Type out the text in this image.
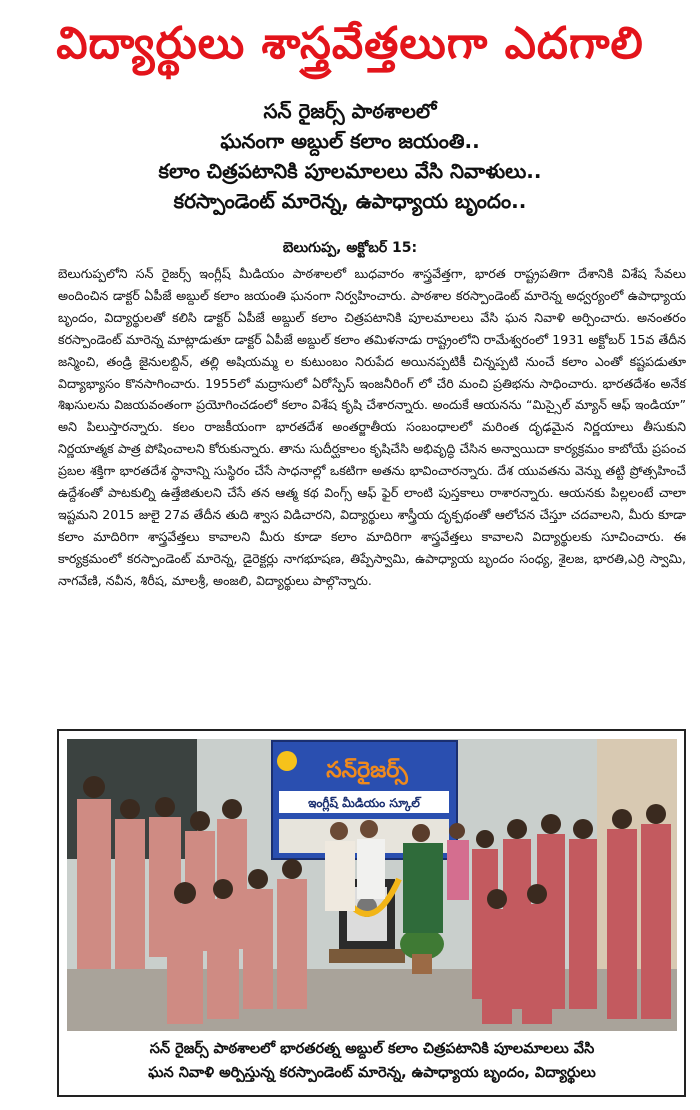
విద్యార్థులు శాస్త్రవేత్తలుగా ఎదగాలి
సన్ రైజర్స్ పాఠశాలలో
ఘనంగా అబ్దుల్ కలాం జయంతి..
కలాం చిత్రపటానికి పూలమాలలు వేసి నివాళులు..
కరస్పాండెంట్ మారెన్న, ఉపాధ్యాయ బృందం..
బెలుగుప్ప, అక్టోబర్ 15:

బెలుగుప్పలోని సన్ రైజర్స్ ఇంగ్లీష్ మీడియం పాఠశాలలో బుధవారం శాస్త్రవేత్తగా, భారత రాష్ట్రపతిగా దేశానికి విశేష సేవలు అందించిన డాక్టర్ ఏపీజే అబ్దుల్ కలాం జయంతి ఘనంగా నిర్వహించారు. పాఠశాల కరస్పాండెంట్ మారెన్న అధ్వర్యంలో ఉపాధ్యాయ బృందం, విద్యార్థులతో కలిసి డాక్టర్ ఏపీజే అబ్దుల్ కలాం చిత్రపటానికి పూలమాలలు వేసి ఘన నివాళి అర్పించారు. అనంతరం కరస్పాండెంట్ మారెన్న మాట్లాడుతూ డాక్టర్ ఏపీజే అబ్దుల్ కలాం తమిళనాడు రాష్ట్రంలోని రామేశ్వరంలో 1931 అక్టోబర్ 15వ తేదీన జన్మించి, తండ్రి జైనులబ్దిన్, తల్లి అషియమ్మ ల కుటుంబం నిరుపేద అయినప్పటికీ చిన్నప్పటి నుంచే కలాం ఎంతో కష్టపడుతూ విద్యాభ్యాసం కొనసాగించారు. 1955లో మద్రాసులో ఏరోస్పేస్ ఇంజనీరింగ్ లో చేరి మంచి ప్రతిభను సాధించారు. భారతదేశం అనేక శిఖసులను విజయవంతంగా ప్రయోగించడంలో కలాం విశేష కృషి చేశారన్నారు. అందుకే ఆయనను “మిస్సైల్ మ్యాన్ ఆఫ్ ఇండియా” అని పిలుస్తారన్నారు. కలం రాజకీయంగా భారతదేశ అంతర్జాతీయ సంబంధాలలో మరింత దృఢమైన నిర్ణయాలు తీసుకుని నిర్ణయాత్మక పాత్ర పోషించాలని కోరుకున్నారు. తాను సుదీర్ఘకాలం కృషిచేసి అభివృద్ధి చేసిన అన్వాయిదా కార్యక్రమం కాబోయే ప్రపంచ ప్రబల శక్తిగా భారతదేశ స్థానాన్ని సుస్థిరం చేసే సాధనాల్లో ఒకటిగా అతను భావించారన్నారు. దేశ యువతను వెన్ను తట్టి ప్రోత్సహించే ఉద్దేశంతో పాటకుల్ని ఉత్తేజితులని చేసే తన ఆత్మ కథ వింగ్స్ ఆఫ్ ఫైర్ లాంటి పుస్తకాలు రాశారన్నారు. ఆయనకు పిల్లలంటే చాలా ఇష్టమని 2015 జులై 27వ తేదీన తుది శ్వాస విడిచారని, విద్యార్థులు శాస్త్రీయ దృక్పథంతో ఆలోచన చేస్తూ చదవాలని, మీరు కూడా కలాం మాదిరిగా శాస్త్రవేత్తలు కావాలని మీరు కూడా కలాం మాదిరిగా శాస్త్రవేత్తలు కావాలని విద్యార్థులకు సూచించారు. ఈ కార్యక్రమంలో కరస్పాండెంట్ మారెన్న, డైరెక్టర్లు నాగభూషణ, తిప్పేస్వామి, ఉపాధ్యాయ బృందం సంధ్య, శైలజ, భారతి,ఎర్రి స్వామి, నాగవేణి, నవీన, శిరీష, మాలశ్రీ, అంజలి, విద్యార్థులు పాల్గొన్నారు.

సన్‌రైజర్స్
ఇంగ్లీష్ మీడియం స్కూల్
సన్ రైజర్స్ పాఠశాలలో భారతరత్న అబ్దుల్ కలాం చిత్రపటానికి పూలమాలలు వేసి
ఘన నివాళి అర్పిస్తున్న కరస్పాండెంట్ మారెన్న, ఉపాధ్యాయ బృందం, విద్యార్థులు
